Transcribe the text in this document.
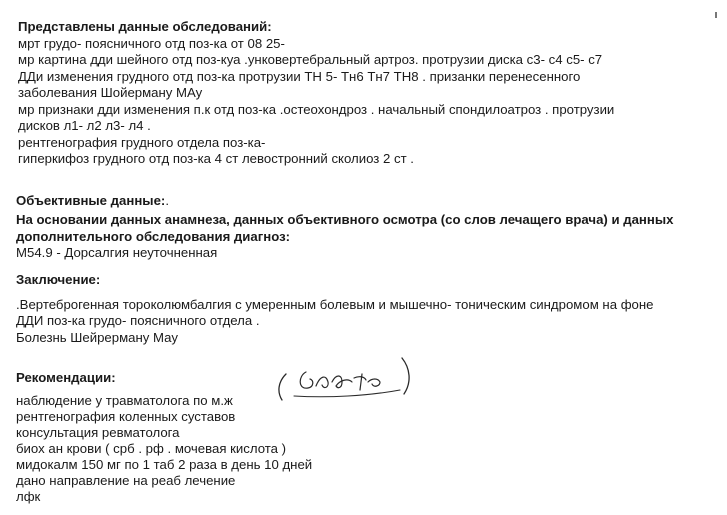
Представлены данные обследований:
мрт грудо- поясничного отд поз-ка от 08 25-
мр картина дди шейного отд поз-куа .унковертебральный артроз. протрузии диска с3- с4 с5- с7
ДДи изменения грудного отд поз-ка протрузии ТН 5- Тн6 Тн7 ТН8 . призанки перенесенного
заболевания Шойерману МАу
мр признаки дди изменения п.к отд поз-ка .остеохондроз . начальный спондилоатроз . протрузии
дисков л1- л2 л3- л4 .
рентгенография грудного отдела поз-ка-
гиперкифоз грудного отд поз-ка 4 ст левостронний сколиоз 2 ст .
Объективные данные:.
На основании данных анамнеза, данных объективного осмотра (со слов лечащего врача) и данных
дополнительного обследования диагноз:
М54.9 - Дорсалгия неуточненная
Заключение:
.Вертеброгенная тороколюмбалгия с умеренным болевым и мышечно- тоническим синдромом на фоне
ДДИ поз-ка грудо- поясничного отдела .
Болезнь Шейрерману Мау
Рекомендации:
наблюдение у травматолога по м.ж
рентгенография коленных суставов
консультация ревматолога
биох ан крови ( срб . рф . мочевая кислота )
мидокалм 150 мг по 1 таб 2 раза в день 10 дней
дано направление на реаб лечение
лфк
